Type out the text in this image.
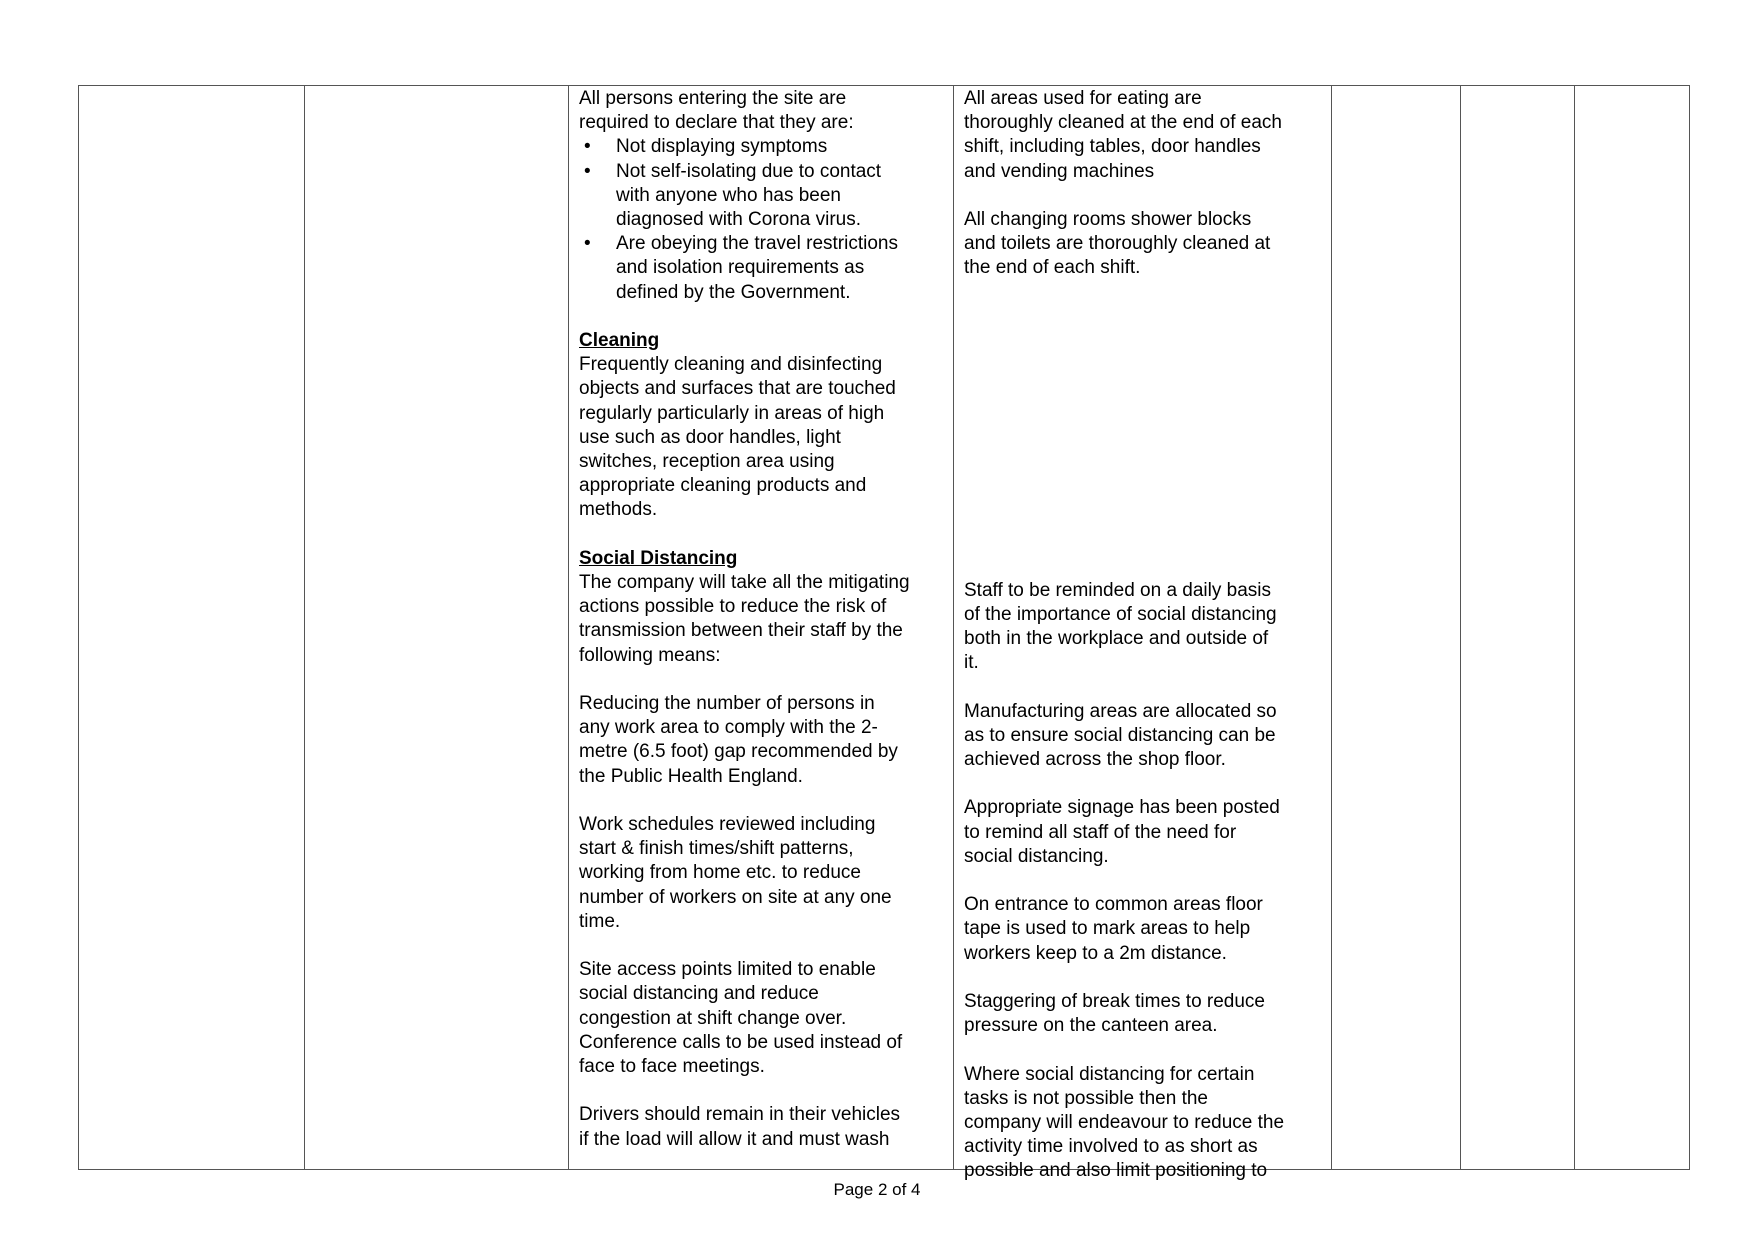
All persons entering the site are
required to declare that they are:

• Not displaying symptoms
• Not self-isolating due to contact
with anyone who has been
diagnosed with Corona virus.
• Are obeying the travel restrictions
and isolation requirements as
defined by the Government.

Cleaning

Frequently cleaning and disinfecting
objects and surfaces that are touched
regularly particularly in areas of high
use such as door handles, light
switches, reception area using
appropriate cleaning products and
methods.

Social Distancing

The company will take all the mitigating
actions possible to reduce the risk of
transmission between their staff by the
following means:

Reducing the number of persons in
any work area to comply with the 2-
metre (6.5 foot) gap recommended by
the Public Health England.

Work schedules reviewed including
start & finish times/shift patterns,
working from home etc. to reduce
number of workers on site at any one
time.

Site access points limited to enable
social distancing and reduce
congestion at shift change over.
Conference calls to be used instead of
face to face meetings.

Drivers should remain in their vehicles
if the load will allow it and must wash

All areas used for eating are
thoroughly cleaned at the end of each
shift, including tables, door handles
and vending machines

All changing rooms shower blocks
and toilets are thoroughly cleaned at
the end of each shift.

Staff to be reminded on a daily basis
of the importance of social distancing
both in the workplace and outside of
it.

Manufacturing areas are allocated so
as to ensure social distancing can be
achieved across the shop floor.

Appropriate signage has been posted
to remind all staff of the need for
social distancing.

On entrance to common areas floor
tape is used to mark areas to help
workers keep to a 2m distance.

Staggering of break times to reduce
pressure on the canteen area.

Where social distancing for certain
tasks is not possible then the
company will endeavour to reduce the
activity time involved to as short as
possible and also limit positioning to

Page 2 of 4
